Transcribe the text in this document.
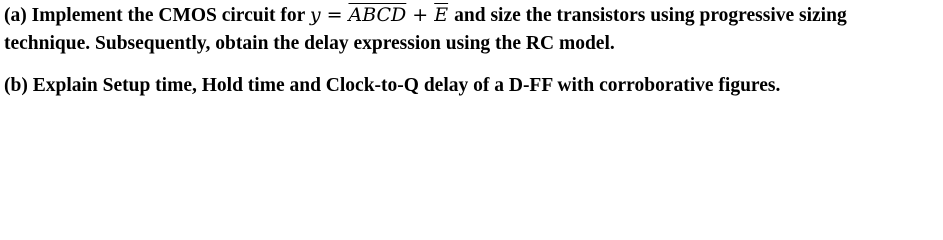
(a) Implement the CMOS circuit for y = ABCD + $\overline{E}$ and size the transistors using progressive sizing
technique. Subsequently, obtain the delay expression using the RC model.
(b) Explain Setup time, Hold time and Clock-to-Q delay of a D-FF with corroborative figures.
